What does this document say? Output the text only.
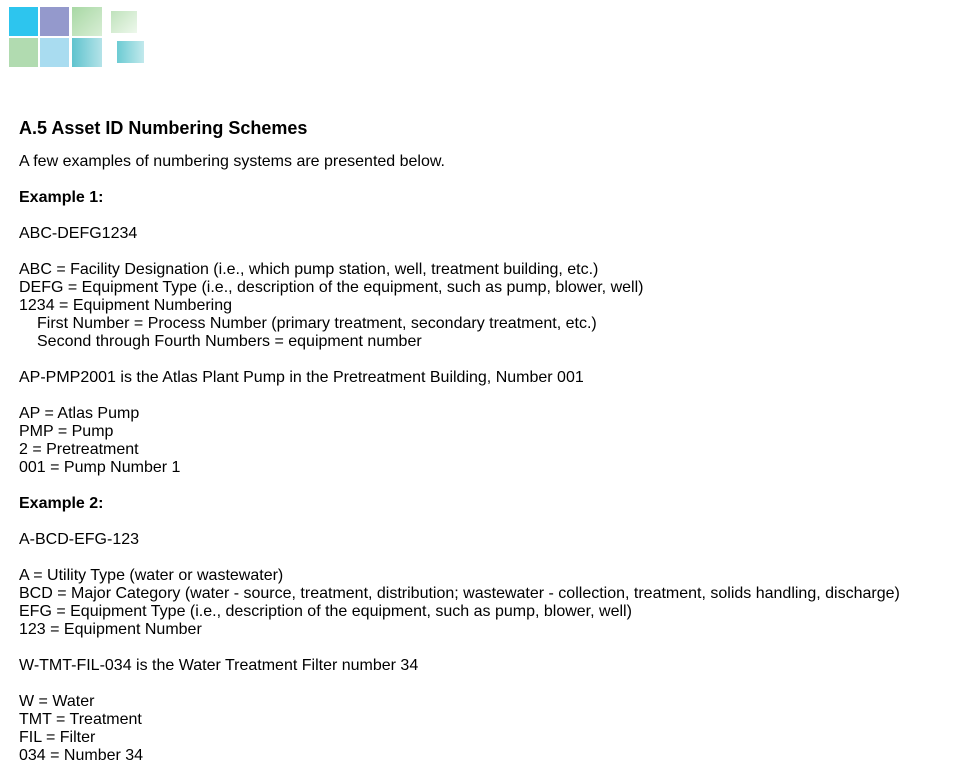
A.5 Asset ID Numbering Schemes
A few examples of numbering systems are presented below.
Example 1:
ABC-DEFG1234
ABC = Facility Designation (i.e., which pump station, well, treatment building, etc.)
DEFG = Equipment Type (i.e., description of the equipment, such as pump, blower, well)
1234 = Equipment Numbering
First Number = Process Number (primary treatment, secondary treatment, etc.)
Second through Fourth Numbers = equipment number
AP-PMP2001 is the Atlas Plant Pump in the Pretreatment Building, Number 001
AP = Atlas Pump
PMP = Pump
2 = Pretreatment
001 = Pump Number 1
Example 2:
A-BCD-EFG-123
A = Utility Type (water or wastewater)
BCD = Major Category (water - source, treatment, distribution; wastewater - collection, treatment, solids handling, discharge)
EFG = Equipment Type (i.e., description of the equipment, such as pump, blower, well)
123 = Equipment Number
W-TMT-FIL-034 is the Water Treatment Filter number 34
W = Water
TMT = Treatment
FIL = Filter
034 = Number 34
